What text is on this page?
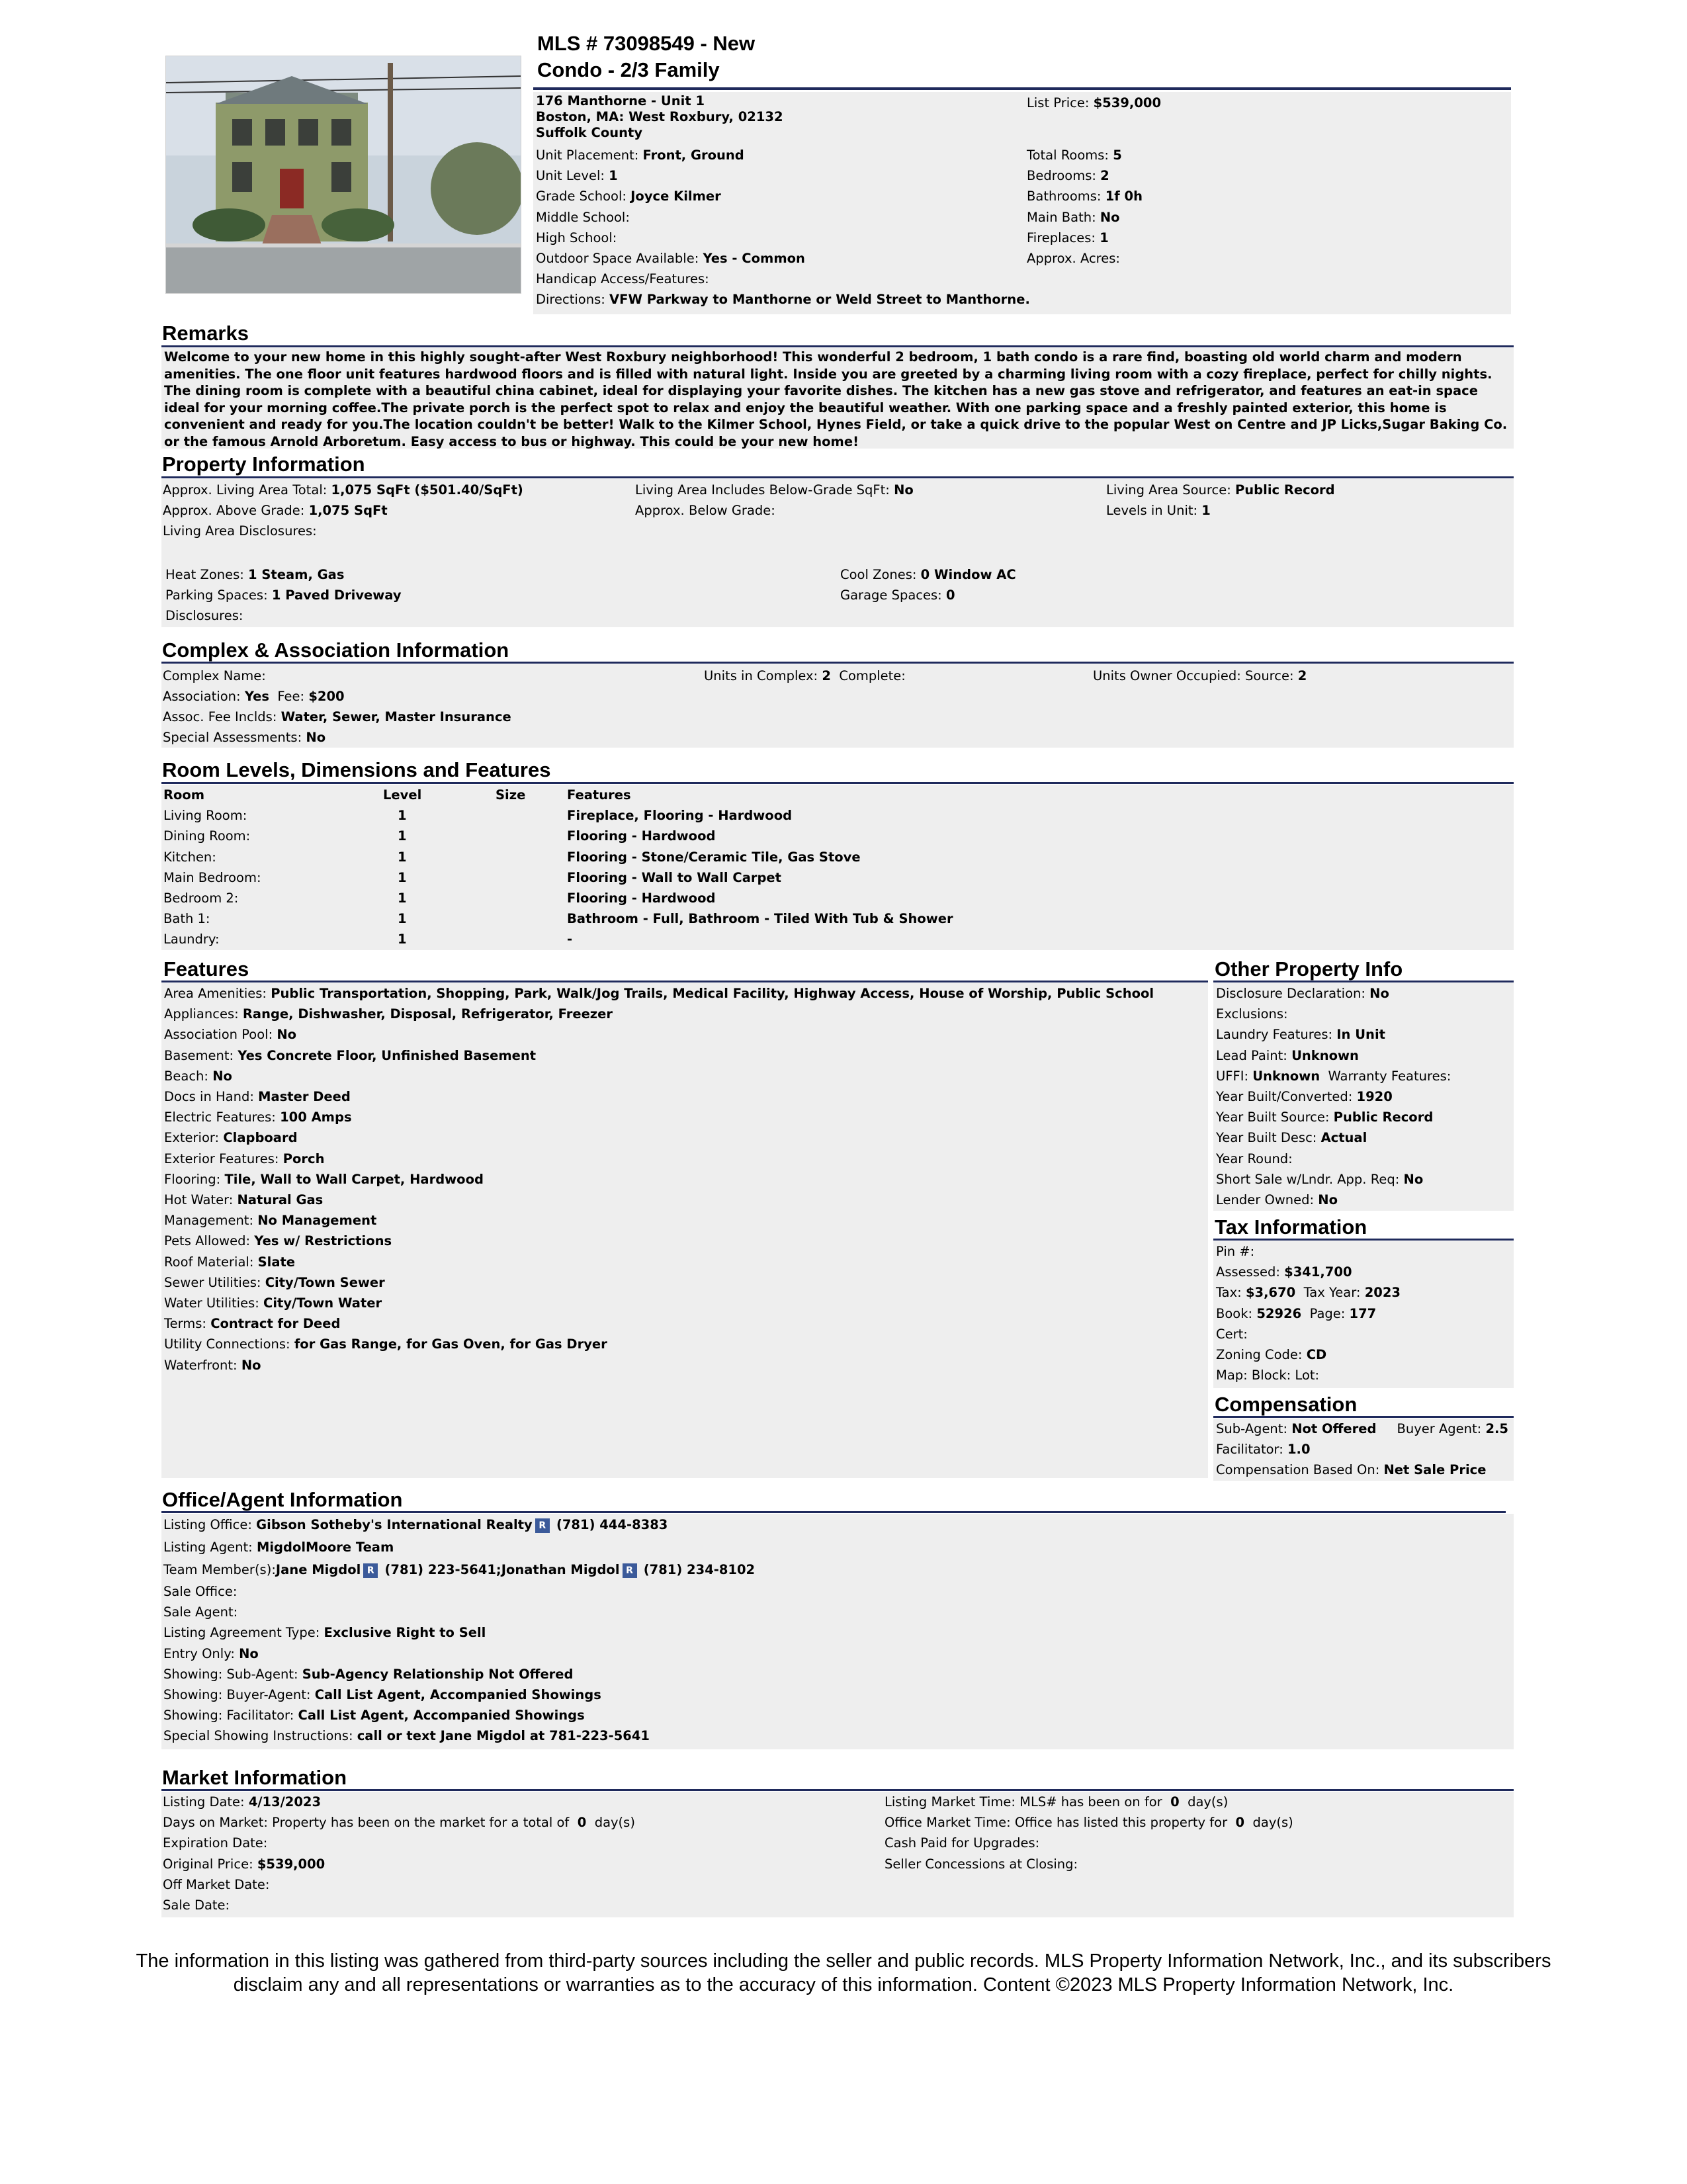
MLS # 73098549 - New
Condo - 2/3 Family
176 Manthorne - Unit 1
Boston, MA: West Roxbury, 02132
Suffolk County
List Price: $539,000
Unit Placement: Front, Ground
Unit Level: 1
Grade School: Joyce Kilmer
Middle School:
High School:
Outdoor Space Available: Yes - Common
Handicap Access/Features:
Directions: VFW Parkway to Manthorne or Weld Street to Manthorne.
Total Rooms: 5
Bedrooms: 2
Bathrooms: 1f 0h
Main Bath: No
Fireplaces: 1
Approx. Acres:
Remarks
Welcome to your new home in this highly sought-after West Roxbury neighborhood! This wonderful 2 bedroom, 1 bath condo is a rare find, boasting old world charm and modern amenities. The one floor unit features hardwood floors and is filled with natural light. Inside you are greeted by a charming living room with a cozy fireplace, perfect for chilly nights. The dining room is complete with a beautiful china cabinet, ideal for displaying your favorite dishes. The kitchen has a new gas stove and refrigerator, and features an eat-in space ideal for your morning coffee.The private porch is the perfect spot to relax and enjoy the beautiful weather. With one parking space and a freshly painted exterior, this home is convenient and ready for you.The location couldn't be better! Walk to the Kilmer School, Hynes Field, or take a quick drive to the popular West on Centre and JP Licks,Sugar Baking Co. or the famous Arnold Arboretum. Easy access to bus or highway. This could be your new home!
Property Information
Approx. Living Area Total: 1,075 SqFt ($501.40/SqFt)	Living Area Includes Below-Grade SqFt: No	Living Area Source: Public Record
Approx. Above Grade: 1,075 SqFt	Approx. Below Grade:	Levels in Unit: 1
Living Area Disclosures:
Heat Zones: 1 Steam, Gas	Cool Zones: 0 Window AC
Parking Spaces: 1 Paved Driveway	Garage Spaces: 0
Disclosures:
Complex & Association Information
Complex Name:	Units in Complex: 2 Complete:	Units Owner Occupied: Source: 2
Association: Yes Fee: $200
Assoc. Fee Inclds: Water, Sewer, Master Insurance
Special Assessments: No
Room Levels, Dimensions and Features
Room	Level	Size	Features
Living Room:	1		Fireplace, Flooring - Hardwood
Dining Room:	1		Flooring - Hardwood
Kitchen:	1		Flooring - Stone/Ceramic Tile, Gas Stove
Main Bedroom:	1		Flooring - Wall to Wall Carpet
Bedroom 2:	1		Flooring - Hardwood
Bath 1:	1		Bathroom - Full, Bathroom - Tiled With Tub & Shower
Laundry:	1		-
Features
Area Amenities: Public Transportation, Shopping, Park, Walk/Jog Trails, Medical Facility, Highway Access, House of Worship, Public School
Appliances: Range, Dishwasher, Disposal, Refrigerator, Freezer
Association Pool: No
Basement: Yes Concrete Floor, Unfinished Basement
Beach: No
Docs in Hand: Master Deed
Electric Features: 100 Amps
Exterior: Clapboard
Exterior Features: Porch
Flooring: Tile, Wall to Wall Carpet, Hardwood
Hot Water: Natural Gas
Management: No Management
Pets Allowed: Yes w/ Restrictions
Roof Material: Slate
Sewer Utilities: City/Town Sewer
Water Utilities: City/Town Water
Terms: Contract for Deed
Utility Connections: for Gas Range, for Gas Oven, for Gas Dryer
Waterfront: No
Other Property Info
Disclosure Declaration: No
Exclusions:
Laundry Features: In Unit
Lead Paint: Unknown
UFFI: Unknown Warranty Features:
Year Built/Converted: 1920
Year Built Source: Public Record
Year Built Desc: Actual
Year Round:
Short Sale w/Lndr. App. Req: No
Lender Owned: No
Tax Information
Pin #:
Assessed: $341,700
Tax: $3,670 Tax Year: 2023
Book: 52926 Page: 177
Cert:
Zoning Code: CD
Map: Block: Lot:
Compensation
Sub-Agent: Not Offered Buyer Agent: 2.5
Facilitator: 1.0
Compensation Based On: Net Sale Price
Office/Agent Information
Listing Office: Gibson Sotheby's International Realty R (781) 444-8383
Listing Agent: MigdolMoore Team
Team Member(s):Jane Migdol R (781) 223-5641;Jonathan Migdol R (781) 234-8102
Sale Office:
Sale Agent:
Listing Agreement Type: Exclusive Right to Sell
Entry Only: No
Showing: Sub-Agent: Sub-Agency Relationship Not Offered
Showing: Buyer-Agent: Call List Agent, Accompanied Showings
Showing: Facilitator: Call List Agent, Accompanied Showings
Special Showing Instructions: call or text Jane Migdol at 781-223-5641
Market Information
Listing Date: 4/13/2023
Days on Market: Property has been on the market for a total of 0 day(s)
Expiration Date:
Original Price: $539,000
Off Market Date:
Sale Date:
Listing Market Time: MLS# has been on for 0 day(s)
Office Market Time: Office has listed this property for 0 day(s)
Cash Paid for Upgrades:
Seller Concessions at Closing:
The information in this listing was gathered from third-party sources including the seller and public records. MLS Property Information Network, Inc., and its subscribers
disclaim any and all representations or warranties as to the accuracy of this information. Content ©2023 MLS Property Information Network, Inc.
